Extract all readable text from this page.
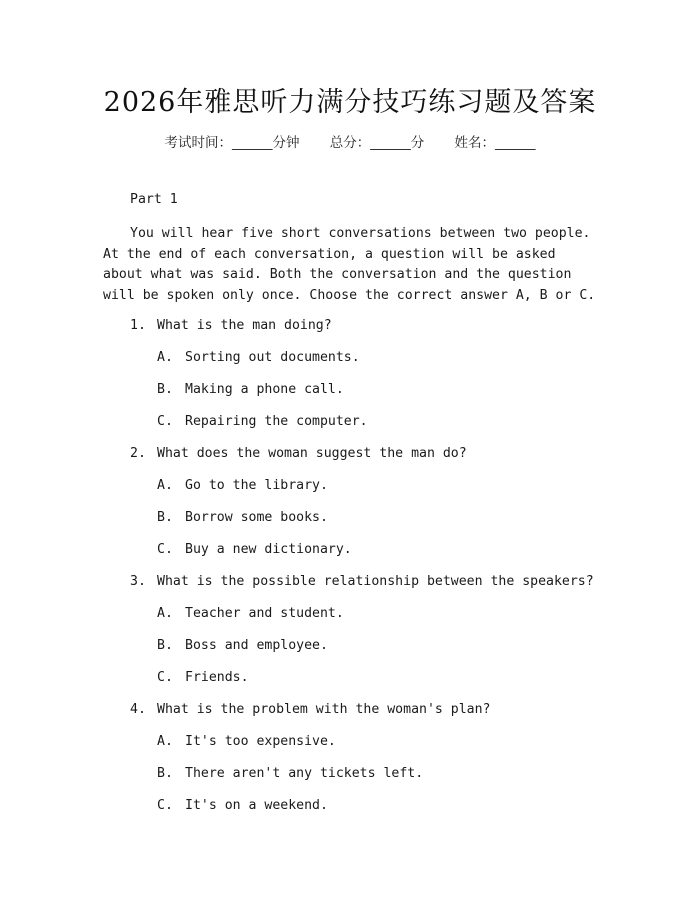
2026年雅思听力满分技巧练习题及答案
考试时间：______分钟 总分：______分 姓名：______
Part 1
You will hear five short conversations between two people. At the end of each conversation, a question will be asked about what was said. Both the conversation and the question will be spoken only once. Choose the correct answer A, B or C.
1. What is the man doing?
A. Sorting out documents.
B. Making a phone call.
C. Repairing the computer.
2. What does the woman suggest the man do?
A. Go to the library.
B. Borrow some books.
C. Buy a new dictionary.
3. What is the possible relationship between the speakers?
A. Teacher and student.
B. Boss and employee.
C. Friends.
4. What is the problem with the woman's plan?
A. It's too expensive.
B. There aren't any tickets left.
C. It's on a weekend.
